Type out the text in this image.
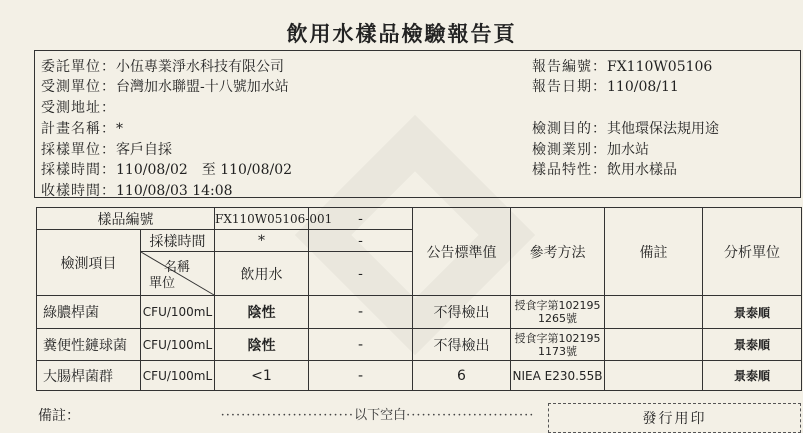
飲用水樣品檢驗報告頁
委託單位：小伍專業淨水科技有限公司
受測單位：台灣加水聯盟-十八號加水站
受測地址：
計畫名稱：*
採樣單位：客戶自採
採樣時間：110/08/02　至 110/08/02
收樣時間：110/08/03 14:08
報告編號：FX110W05106
報告日期：110/08/11
檢測目的：其他環保法規用途
檢測業別：加水站
樣品特性：飲用水樣品
樣品編號		FX110W05106-001	-	公告標準值	參考方法	備註	分析單位
檢測項目	採樣時間	*	-				

	名稱
單位	飲用水	-				
綠膿桿菌	CFU/100mL	陰性	-	不得檢出	授食字第102195
1265號		景泰順
糞便性鏈球菌	CFU/100mL	陰性	-	不得檢出	授食字第102195
1173號		景泰順
大腸桿菌群	CFU/100mL	<1	-	6	NIEA E230.55B		景泰順
備註：	··························以下空白·························	發行用印
